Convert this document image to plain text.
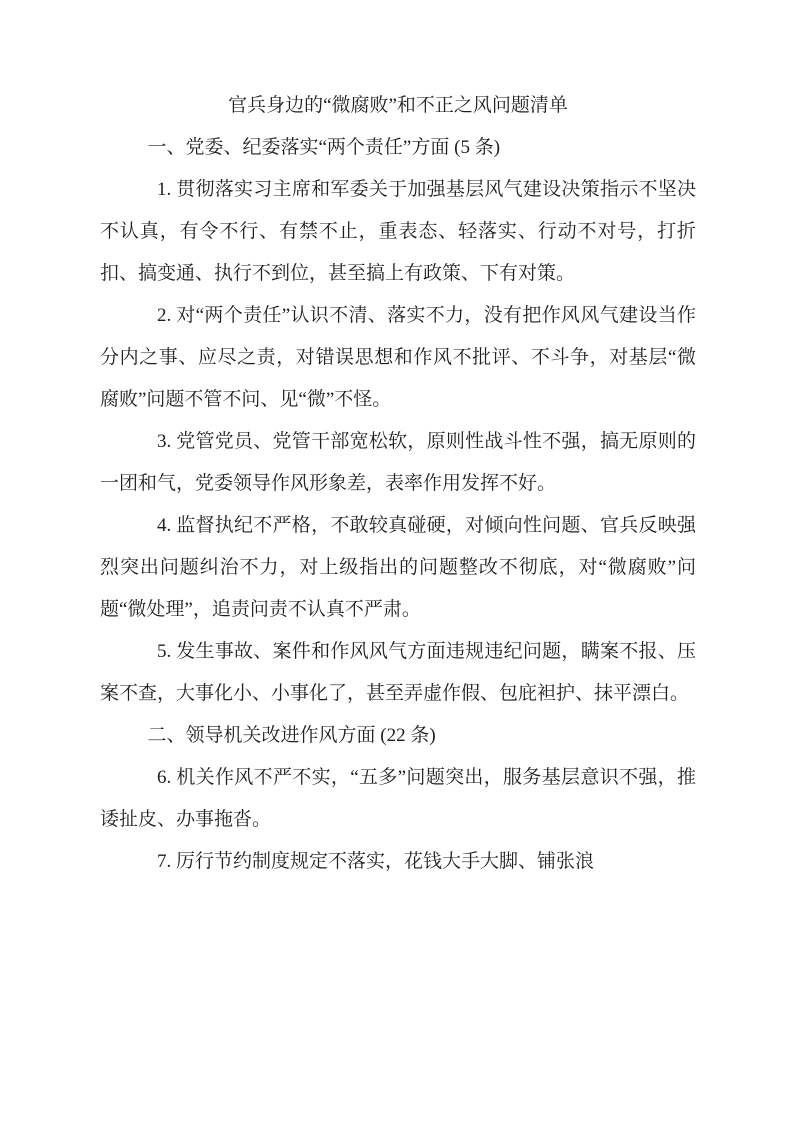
官兵身边的“微腐败”和不正之风问题清单
一、党委、纪委落实“两个责任”方面 (5 条)
1. 贯彻落实习主席和军委关于加强基层风气建设决策指示不坚决不认真，有令不行、有禁不止，重表态、轻落实、行动不对号，打折扣、搞变通、执行不到位，甚至搞上有政策、下有对策。
2. 对“两个责任”认识不清、落实不力，没有把作风风气建设当作分内之事、应尽之责，对错误思想和作风不批评、不斗争，对基层“微腐败”问题不管不问、见“微”不怪。
3. 党管党员、党管干部宽松软，原则性战斗性不强，搞无原则的一团和气，党委领导作风形象差，表率作用发挥不好。
4. 监督执纪不严格，不敢较真碰硬，对倾向性问题、官兵反映强烈突出问题纠治不力，对上级指出的问题整改不彻底，对“微腐败”问题“微处理”，追责问责不认真不严肃。
5. 发生事故、案件和作风风气方面违规违纪问题，瞒案不报、压案不查，大事化小、小事化了，甚至弄虚作假、包庇袒护、抹平漂白。
二、领导机关改进作风方面 (22 条)
6. 机关作风不严不实，“五多”问题突出，服务基层意识不强，推诿扯皮、办事拖沓。
7. 厉行节约制度规定不落实，花钱大手大脚、铺张浪
